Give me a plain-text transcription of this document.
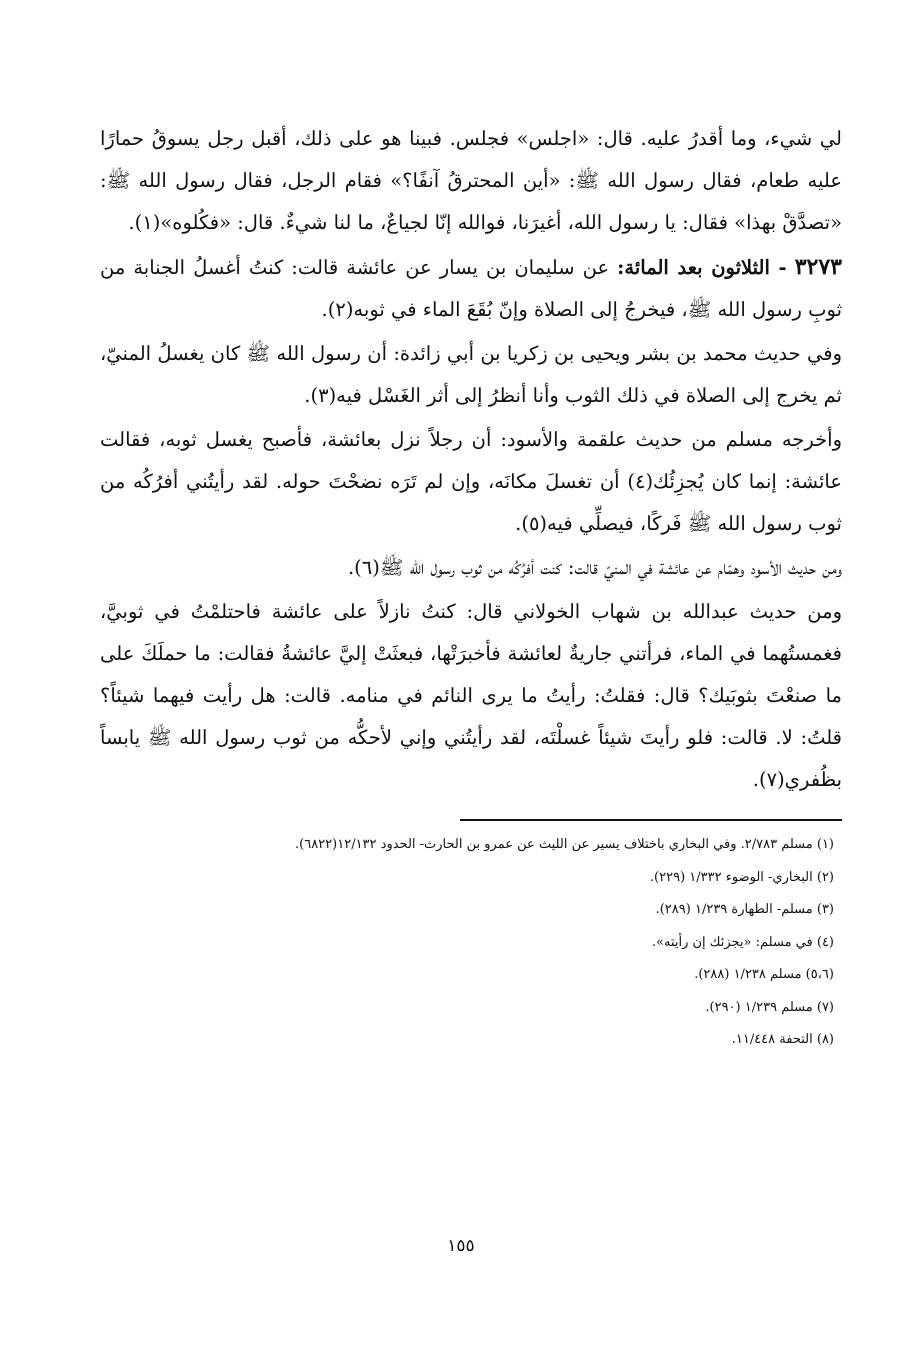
لي شيء، وما أقدرُ عليه. قال: «اجلس» فجلس. فبينا هو على ذلك، أقبل رجل يسوقُ حمارًا عليه طعام، فقال رسول الله ﷺ: «أين المحترقُ آنفًا؟» فقام الرجل، فقال رسول الله ﷺ: «تصدَّقْ بهذا» فقال: يا رسول الله، أغيرَنا، فوالله إنّا لجياعٌ، ما لنا شيءٌ. قال: «فكُلوه»(١).

٣٢٧٣ - الثلاثون بعد المائة: عن سليمان بن يسار عن عائشة قالت: كنتُ أغسلُ الجنابة من ثوبِ رسول الله ﷺ، فيخرجُ إلى الصلاة وإنّ بُقَعَ الماء في ثوبه(٢).

وفي حديث محمد بن بشر ويحيى بن زكريا بن أبي زائدة: أن رسول الله ﷺ كان يغسلُ المنيّ، ثم يخرج إلى الصلاة في ذلك الثوب وأنا أنظرُ إلى أثر الغَسْل فيه(٣).

وأخرجه مسلم من حديث علقمة والأسود: أن رجلاً نزل بعائشة، فأصبح يغسل ثوبه، فقالت عائشة: إنما كان يُجزِئُك(٤) أن تغسلَ مكانَه، وإن لم تَرَه نضحْتَ حوله. لقد رأيتُني أفرُكُه من ثوب رسول الله ﷺ فَركًا، فيصلِّي فيه(٥).

ومن حديث الأسود وهمّام عن عائشة في المنيّ قالت: كنت أفرُكُه من ثوب رسول الله ﷺ(٦).

ومن حديث عبدالله بن شهاب الخولاني قال: كنتُ نازلاً على عائشة فاحتلمْتُ في ثوبيَّ، فغمستُهما في الماء، فرأتني جاريةٌ لعائشة فأخبرَتْها، فبعثَتْ إليَّ عائشةُ فقالت: ما حملَكَ على ما صنعْتَ بثوبَيك؟ قال: فقلتُ: رأيتُ ما يرى النائم في منامه. قالت: هل رأيت فيهما شيئاً؟ قلتُ: لا. قالت: فلو رأيتَ شيئاً غسلْتَه، لقد رأيتُني وإني لأحكُّه من ثوب رسول الله ﷺ يابساً بظُفري(٧).

(١) مسلم ٢/٧٨٣. وفي البخاري باختلاف يسير عن الليث عن عمرو بن الحارث- الحدود ١٢/١٣٢(٦٨٢٢).

(٢) البخاري- الوضوء ١/٣٣٢ (٢٢٩).

(٣) مسلم- الطهارة ١/٢٣٩ (٢٨٩).

(٤) في مسلم: «يجزئك إن رأيته».

(٥،٦) مسلم ١/٢٣٨ (٢٨٨).

(٧) مسلم ١/٢٣٩ (٢٩٠).

(٨) التحفة ١١/٤٤٨.

١٥٥
